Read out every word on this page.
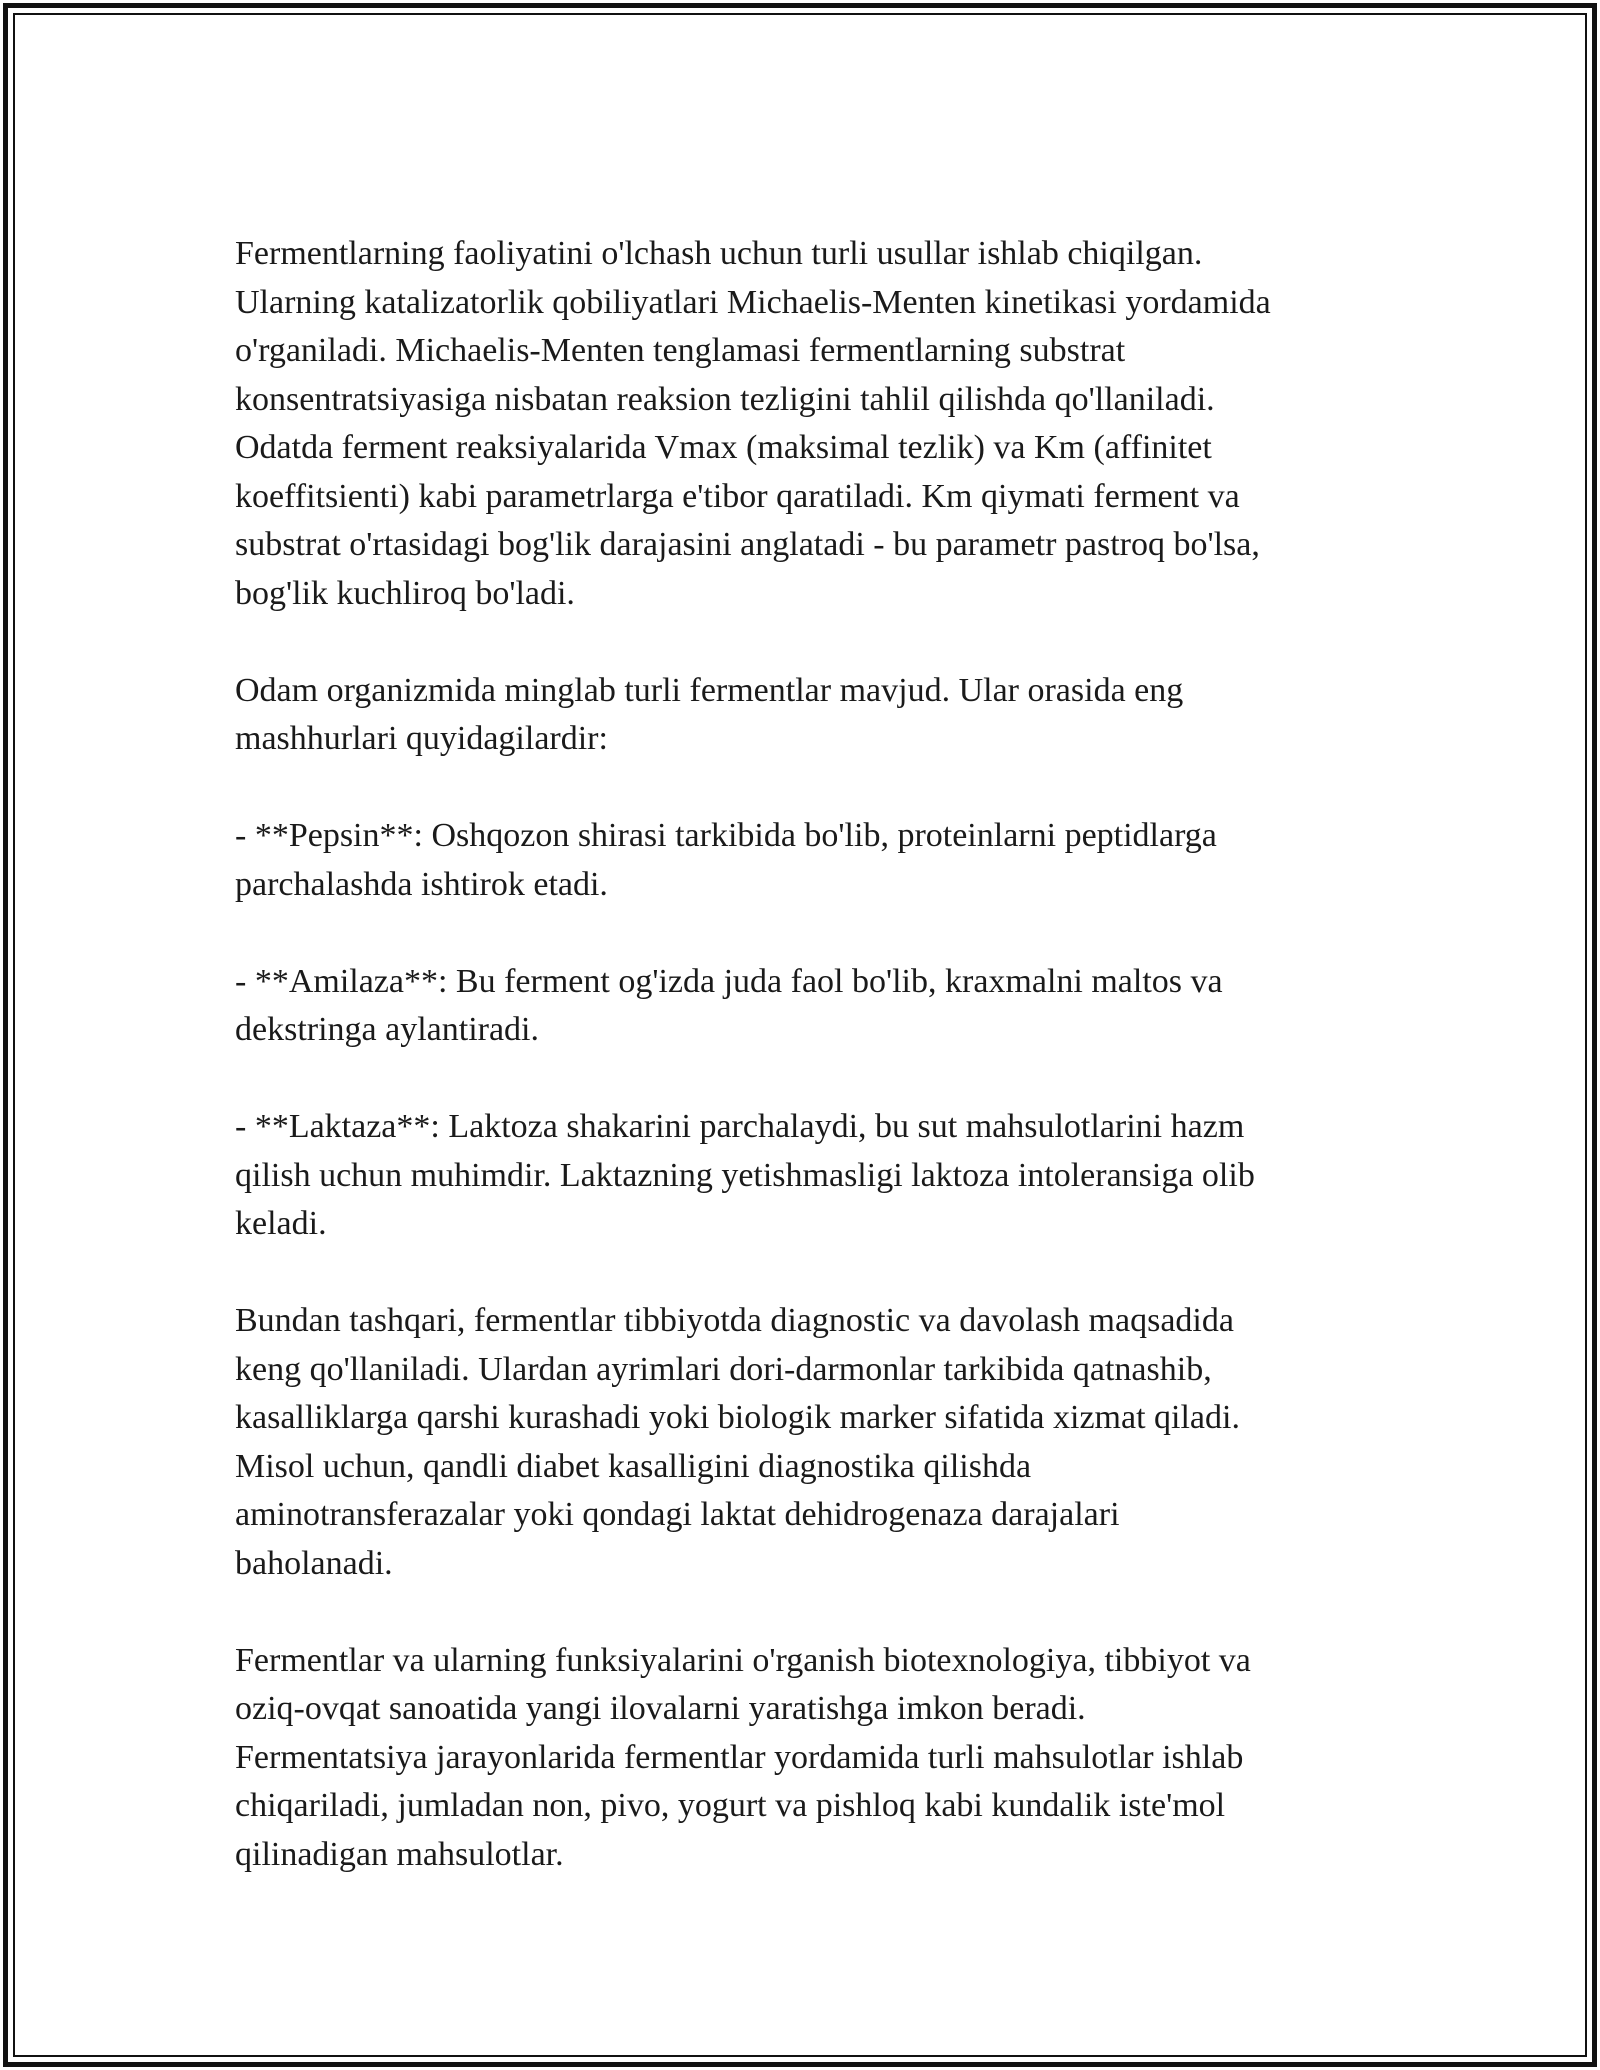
Fermentlarning faoliyatini o'lchash uchun turli usullar ishlab chiqilgan.
Ularning katalizatorlik qobiliyatlari Michaelis-Menten kinetikasi yordamida
o'rganiladi. Michaelis-Menten tenglamasi fermentlarning substrat
konsentratsiyasiga nisbatan reaksion tezligini tahlil qilishda qo'llaniladi.
Odatda ferment reaksiyalarida Vmax (maksimal tezlik) va Km (affinitet
koeffitsienti) kabi parametrlarga e'tibor qaratiladi. Km qiymati ferment va
substrat o'rtasidagi bog'lik darajasini anglatadi - bu parametr pastroq bo'lsa,
bog'lik kuchliroq bo'ladi.

Odam organizmida minglab turli fermentlar mavjud. Ular orasida eng
mashhurlari quyidagilardir:

- **Pepsin**: Oshqozon shirasi tarkibida bo'lib, proteinlarni peptidlarga
parchalashda ishtirok etadi.

- **Amilaza**: Bu ferment og'izda juda faol bo'lib, kraxmalni maltos va
dekstringa aylantiradi.

- **Laktaza**: Laktoza shakarini parchalaydi, bu sut mahsulotlarini hazm
qilish uchun muhimdir. Laktazning yetishmasligi laktoza intoleransiga olib
keladi.

Bundan tashqari, fermentlar tibbiyotda diagnostic va davolash maqsadida
keng qo'llaniladi. Ulardan ayrimlari dori-darmonlar tarkibida qatnashib,
kasalliklarga qarshi kurashadi yoki biologik marker sifatida xizmat qiladi.
Misol uchun, qandli diabet kasalligini diagnostika qilishda
aminotransferazalar yoki qondagi laktat dehidrogenaza darajalari
baholanadi.

Fermentlar va ularning funksiyalarini o'rganish biotexnologiya, tibbiyot va
oziq-ovqat sanoatida yangi ilovalarni yaratishga imkon beradi.
Fermentatsiya jarayonlarida fermentlar yordamida turli mahsulotlar ishlab
chiqariladi, jumladan non, pivo, yogurt va pishloq kabi kundalik iste'mol
qilinadigan mahsulotlar.
